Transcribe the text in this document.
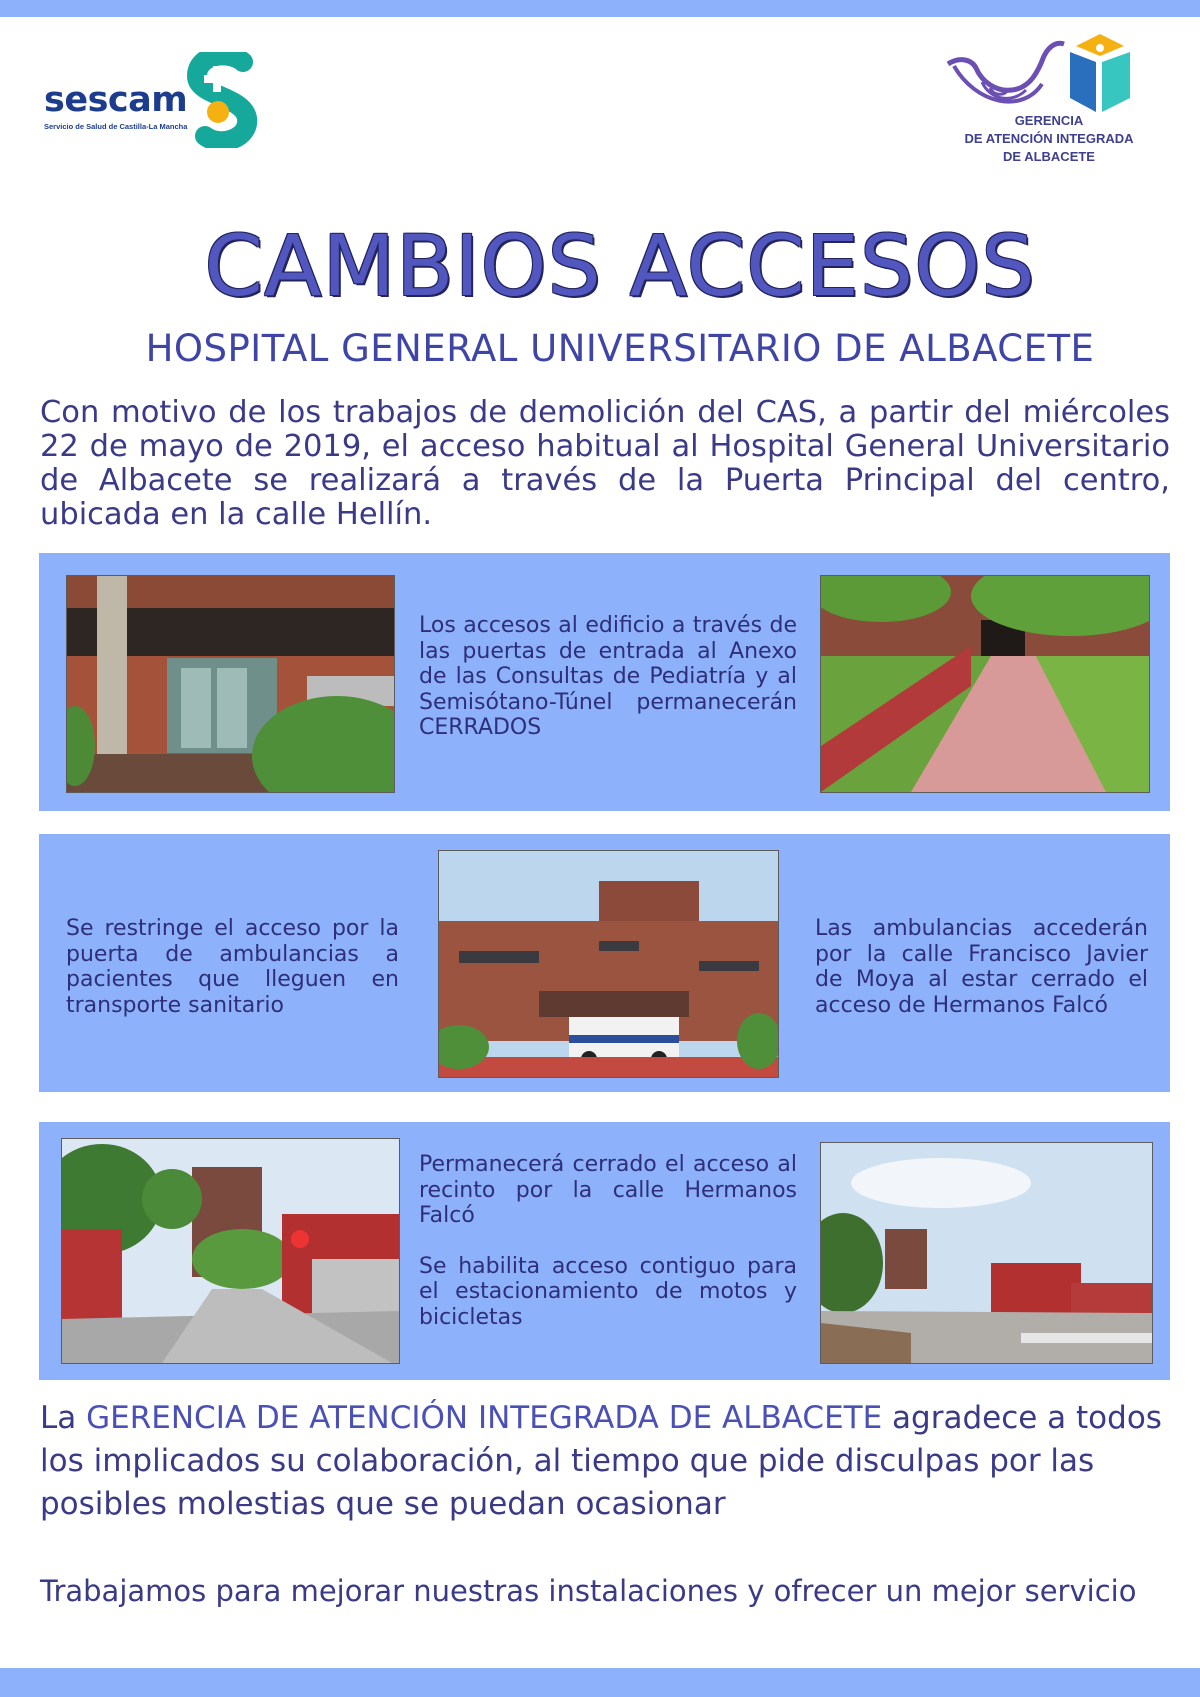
sescam
Servicio de Salud de Castilla-La Mancha	GERENCIA
DE ATENCIÓN INTEGRADA
DE ALBACETE
CAMBIOS ACCESOS
HOSPITAL GENERAL UNIVERSITARIO DE ALBACETE
Con motivo de los trabajos de demolición del CAS, a partir del miércoles 22 de mayo de 2019, el acceso habitual al Hospital General Universitario de Albacete se realizará a través de la Puerta Principal del centro, ubicada en la calle Hellín.

Los accesos al edificio a través de las puertas de entrada al Anexo de las Consultas de Pediatría y al Semisótano-Túnel permanecerán CERRADOS

Se restringe el acceso por la puerta de ambulancias a pacientes que lleguen en transporte sanitario

Las ambulancias accederán por la calle Francisco Javier de Moya al estar cerrado el acceso de Hermanos Falcó

Permanecerá cerrado el acceso al recinto por la calle Hermanos Falcó

Se habilita acceso contiguo para el estacionamiento de motos y bicicletas

La GERENCIA DE ATENCIÓN INTEGRADA DE ALBACETE agradece a todos los implicados su colaboración, al tiempo que pide disculpas por las posibles molestias que se puedan ocasionar
Trabajamos para mejorar nuestras instalaciones y ofrecer un mejor servicio
